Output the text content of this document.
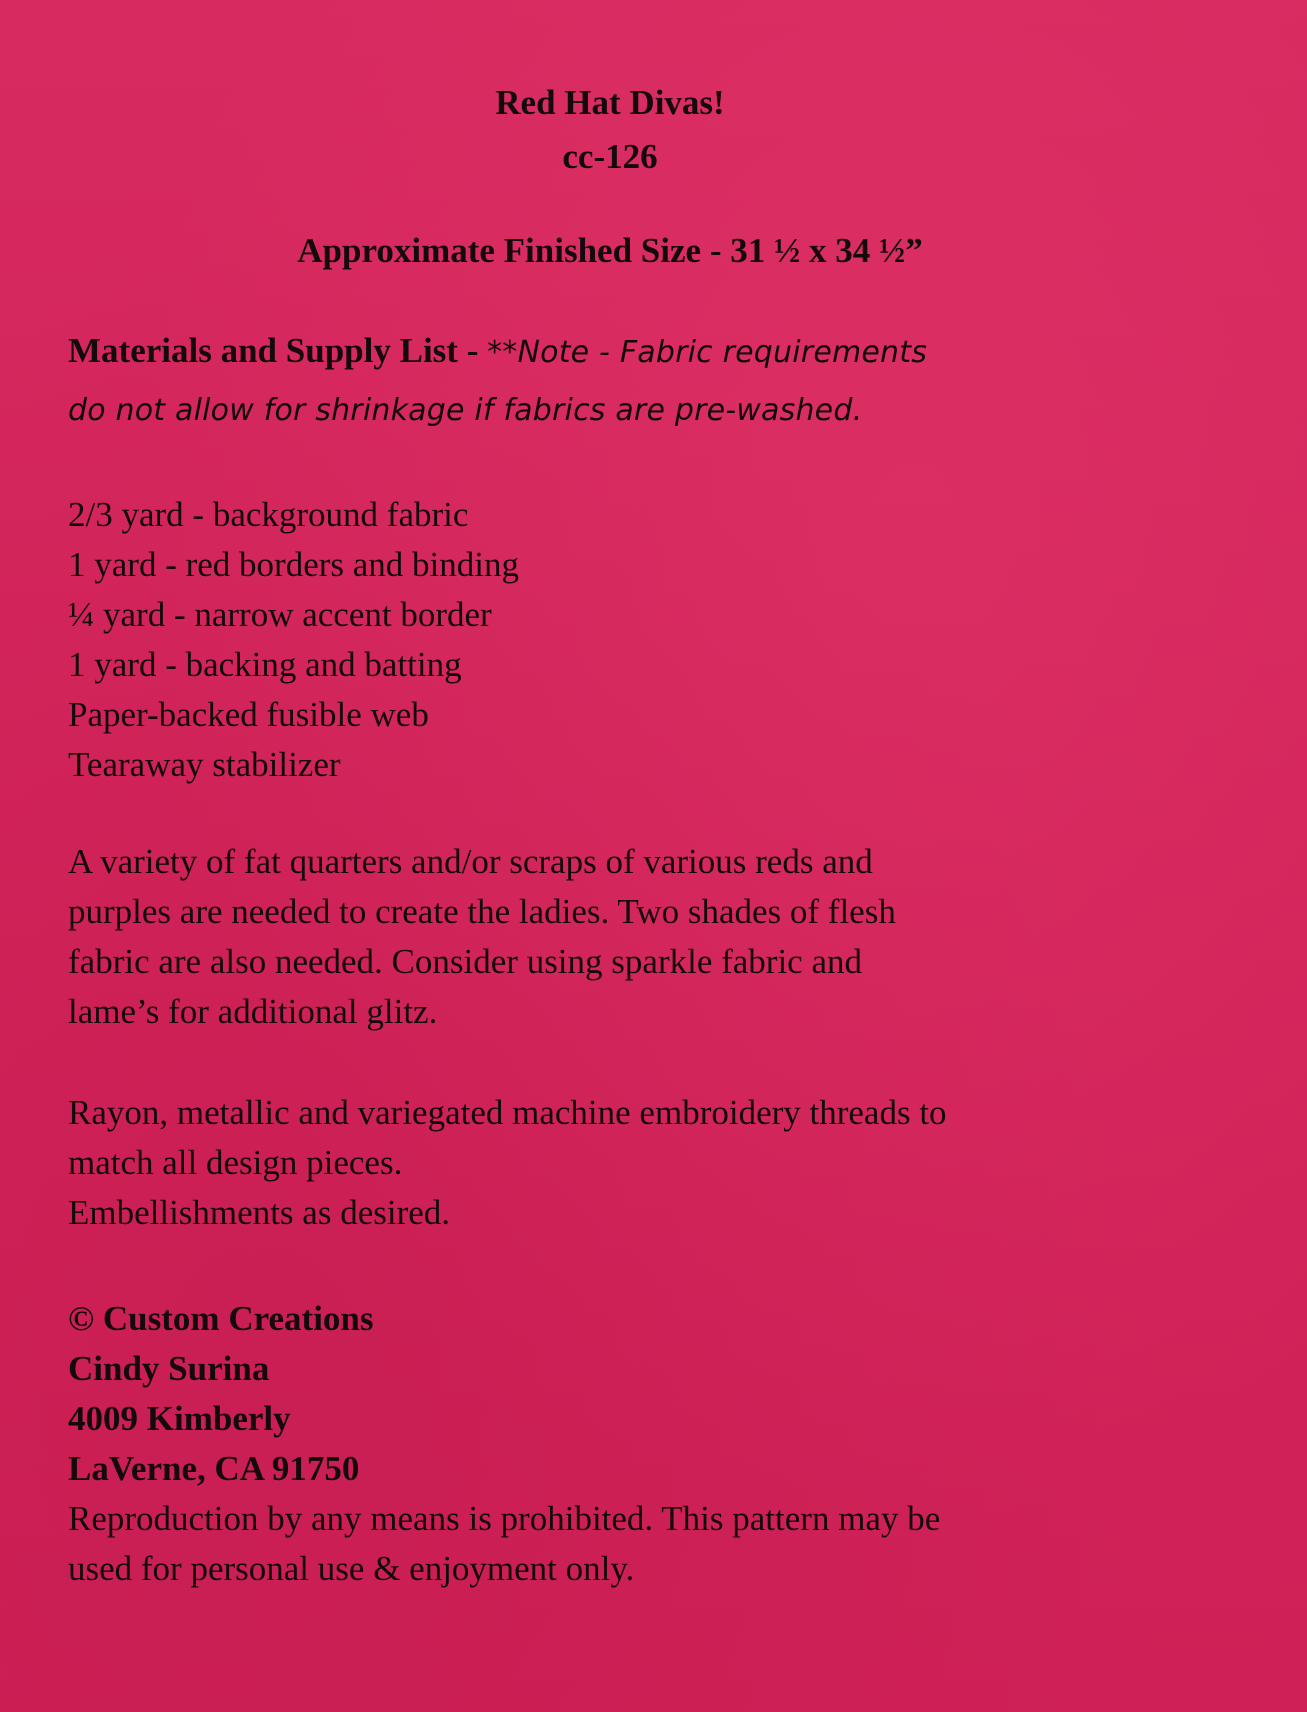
Red Hat Divas!
cc-126
Approximate Finished Size - 31 ½ x 34 ½”
Materials and Supply List - **Note - Fabric requirements
do not allow for shrinkage if fabrics are pre-washed.
2/3 yard - background fabric
1 yard - red borders and binding
¼ yard - narrow accent border
1 yard - backing and batting
Paper-backed fusible web
Tearaway stabilizer
A variety of fat quarters and/or scraps of various reds and
purples are needed to create the ladies. Two shades of flesh
fabric are also needed. Consider using sparkle fabric and
lame’s for additional glitz.
Rayon, metallic and variegated machine embroidery threads to
match all design pieces.
Embellishments as desired.
© Custom Creations
Cindy Surina
4009 Kimberly
LaVerne, CA 91750
Reproduction by any means is prohibited. This pattern may be
used for personal use & enjoyment only.
